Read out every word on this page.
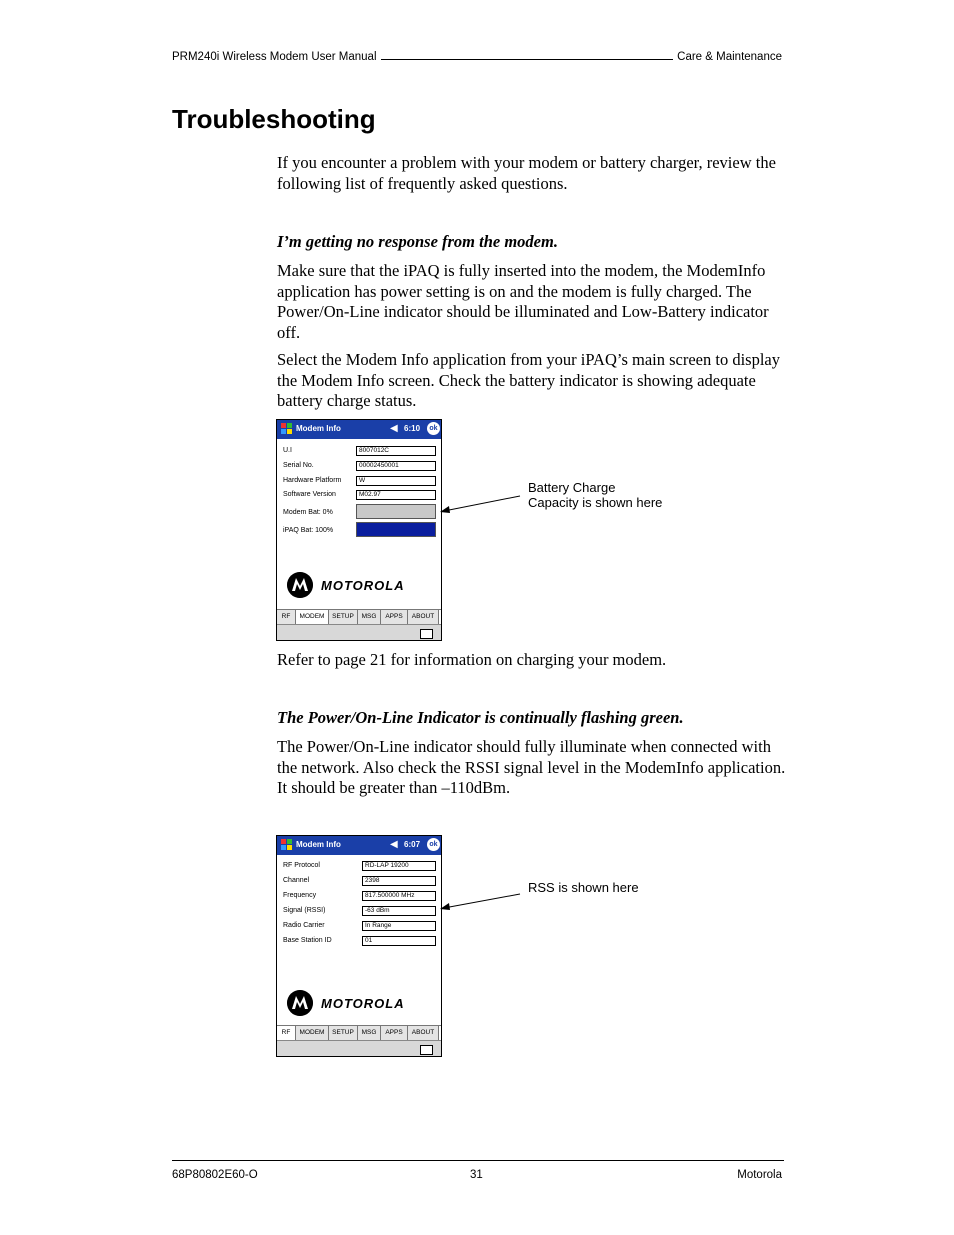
PRM240i Wireless Modem User Manual	Care & Maintenance
Troubleshooting

If you encounter a problem with your modem or battery charger, review the following list of frequently asked questions.

I’m getting no response from the modem.

Make sure that the iPAQ is fully inserted into the modem, the ModemInfo application has power setting is on and the modem is fully charged. The Power/On-Line indicator should be illuminated and Low-Battery indicator off.

Select the Modem Info application from your iPAQ’s main screen to display the Modem Info screen. Check the battery indicator is showing adequate battery charge status.

Modem Info	◀︎ 6:10	ok
U.I	8007012C
Serial No.	00002450001
Hardware Platform	W
Software Version	M02.97
Modem Bat: 0%
iPAQ Bat: 100%
MOTOROLA
RF	MODEM	SETUP	MSG	APPS	ABOUT
Battery Charge Capacity is shown here

Refer to page 21 for information on charging your modem.

The Power/On-Line Indicator is continually flashing green.

The Power/On-Line indicator should fully illuminate when connected with the network. Also check the RSSI signal level in the ModemInfo application. It should be greater than –110dBm.

Modem Info	◀︎ 6:07	ok
RF Protocol	RD-LAP 19200
Channel	2398
Frequency	817.500000 MHz
Signal (RSSI)	-63 dBm
Radio Carrier	In Range
Base Station ID	01
MOTOROLA
RF	MODEM	SETUP	MSG	APPS	ABOUT
RSS is shown here
68P80802E60-O	31	Motorola
